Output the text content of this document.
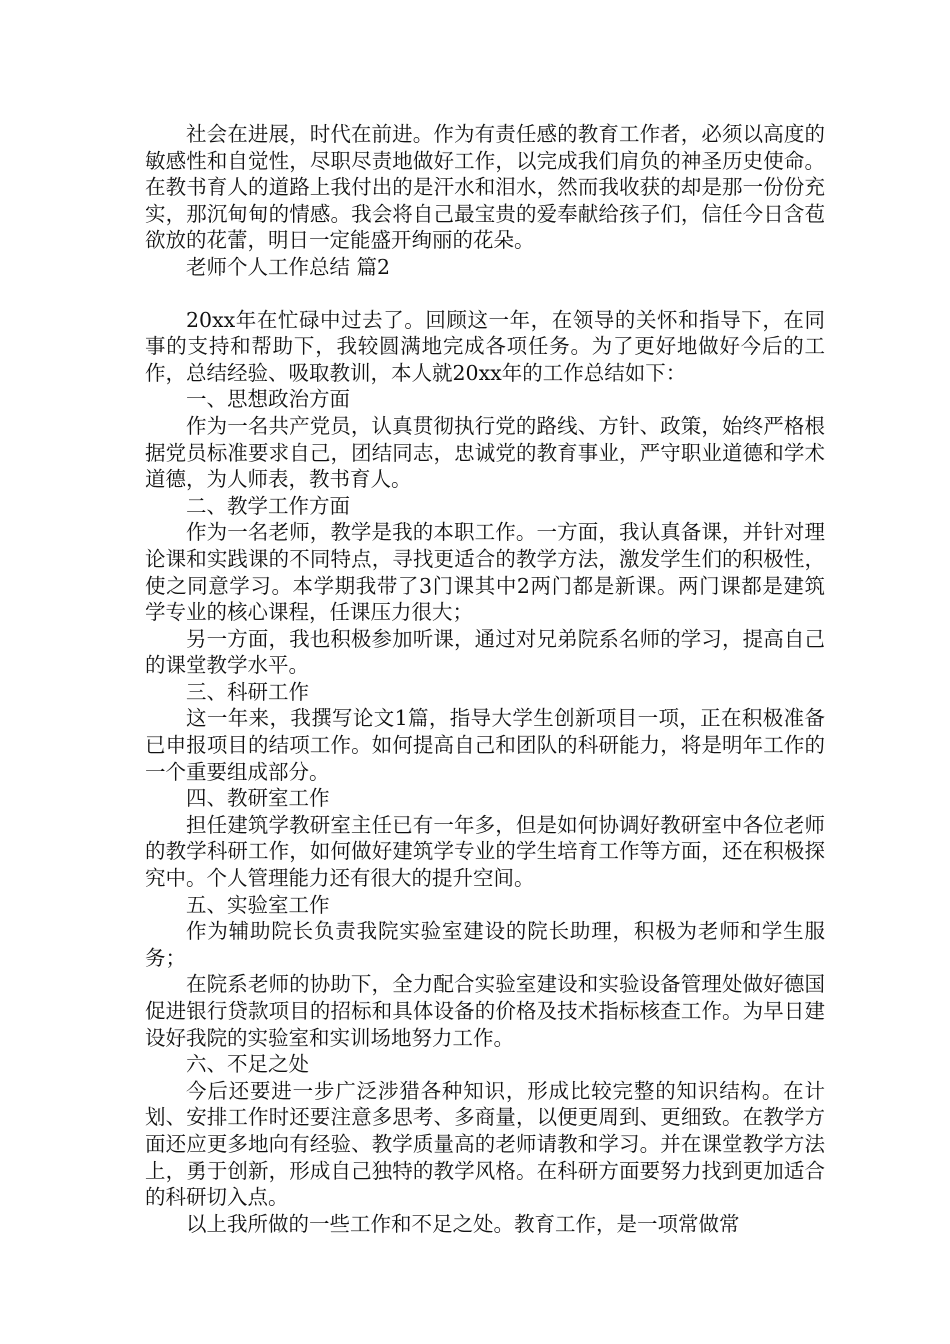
社会在进展，时代在前进。作为有责任感的教育工作者，必须以高度的敏感性和自觉性，尽职尽责地做好工作，以完成我们肩负的神圣历史使命。在教书育人的道路上我付出的是汗水和泪水，然而我收获的却是那一份份充实，那沉甸甸的情感。我会将自己最宝贵的爱奉献给孩子们，信任今日含苞欲放的花蕾，明日一定能盛开绚丽的花朵。

老师个人工作总结 篇2

20xx年在忙碌中过去了。回顾这一年，在领导的关怀和指导下，在同事的支持和帮助下，我较圆满地完成各项任务。为了更好地做好今后的工作，总结经验、吸取教训，本人就20xx年的工作总结如下：

一、思想政治方面

作为一名共产党员，认真贯彻执行党的路线、方针、政策，始终严格根据党员标准要求自己，团结同志，忠诚党的教育事业，严守职业道德和学术道德，为人师表，教书育人。

二、教学工作方面

作为一名老师，教学是我的本职工作。一方面，我认真备课，并针对理论课和实践课的不同特点，寻找更适合的教学方法，激发学生们的积极性，使之同意学习。本学期我带了3门课其中2两门都是新课。两门课都是建筑学专业的核心课程，任课压力很大；

另一方面，我也积极参加听课，通过对兄弟院系名师的学习，提高自己的课堂教学水平。

三、科研工作

这一年来，我撰写论文1篇，指导大学生创新项目一项，正在积极准备已申报项目的结项工作。如何提高自己和团队的科研能力，将是明年工作的一个重要组成部分。

四、教研室工作

担任建筑学教研室主任已有一年多，但是如何协调好教研室中各位老师的教学科研工作，如何做好建筑学专业的学生培育工作等方面，还在积极探究中。个人管理能力还有很大的提升空间。

五、实验室工作

作为辅助院长负责我院实验室建设的院长助理，积极为老师和学生服务；

在院系老师的协助下，全力配合实验室建设和实验设备管理处做好德国促进银行贷款项目的招标和具体设备的价格及技术指标核查工作。为早日建设好我院的实验室和实训场地努力工作。

六、不足之处

今后还要进一步广泛涉猎各种知识，形成比较完整的知识结构。在计划、安排工作时还要注意多思考、多商量，以便更周到、更细致。在教学方面还应更多地向有经验、教学质量高的老师请教和学习。并在课堂教学方法上，勇于创新，形成自己独特的教学风格。在科研方面要努力找到更加适合的科研切入点。

以上我所做的一些工作和不足之处。教育工作，是一项常做常
